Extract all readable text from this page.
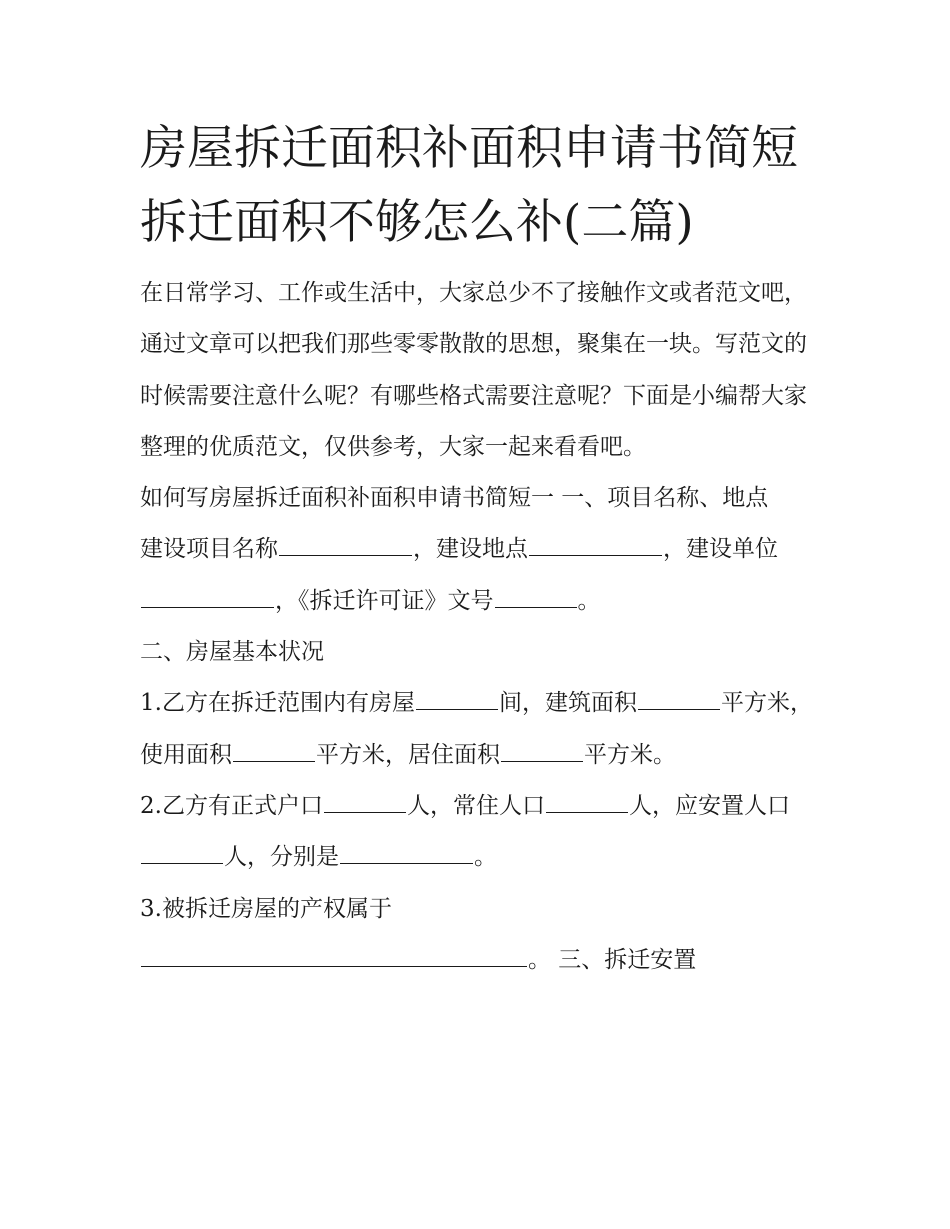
房屋拆迁面积补面积申请书简短 拆迁面积不够怎么补(二篇)

在日常学习、工作或生活中，大家总少不了接触作文或者范文吧，通过文章可以把我们那些零零散散的思想，聚集在一块。写范文的时候需要注意什么呢？有哪些格式需要注意呢？下面是小编帮大家整理的优质范文，仅供参考，大家一起来看看吧。

如何写房屋拆迁面积补面积申请书简短一 一、项目名称、地点

建设项目名称	，建设地点	，建设单位，《拆迁许可证》文号	。

二、房屋基本状况

1.乙方在拆迁范围内有房屋	间，建筑面积	平方米，使用面积	平方米，居住面积	平方米。

2.乙方有正式户口	人，常住人口	人，应安置人口人，分别是	。

3.被拆迁房屋的产权属于
。 三、拆迁安置
